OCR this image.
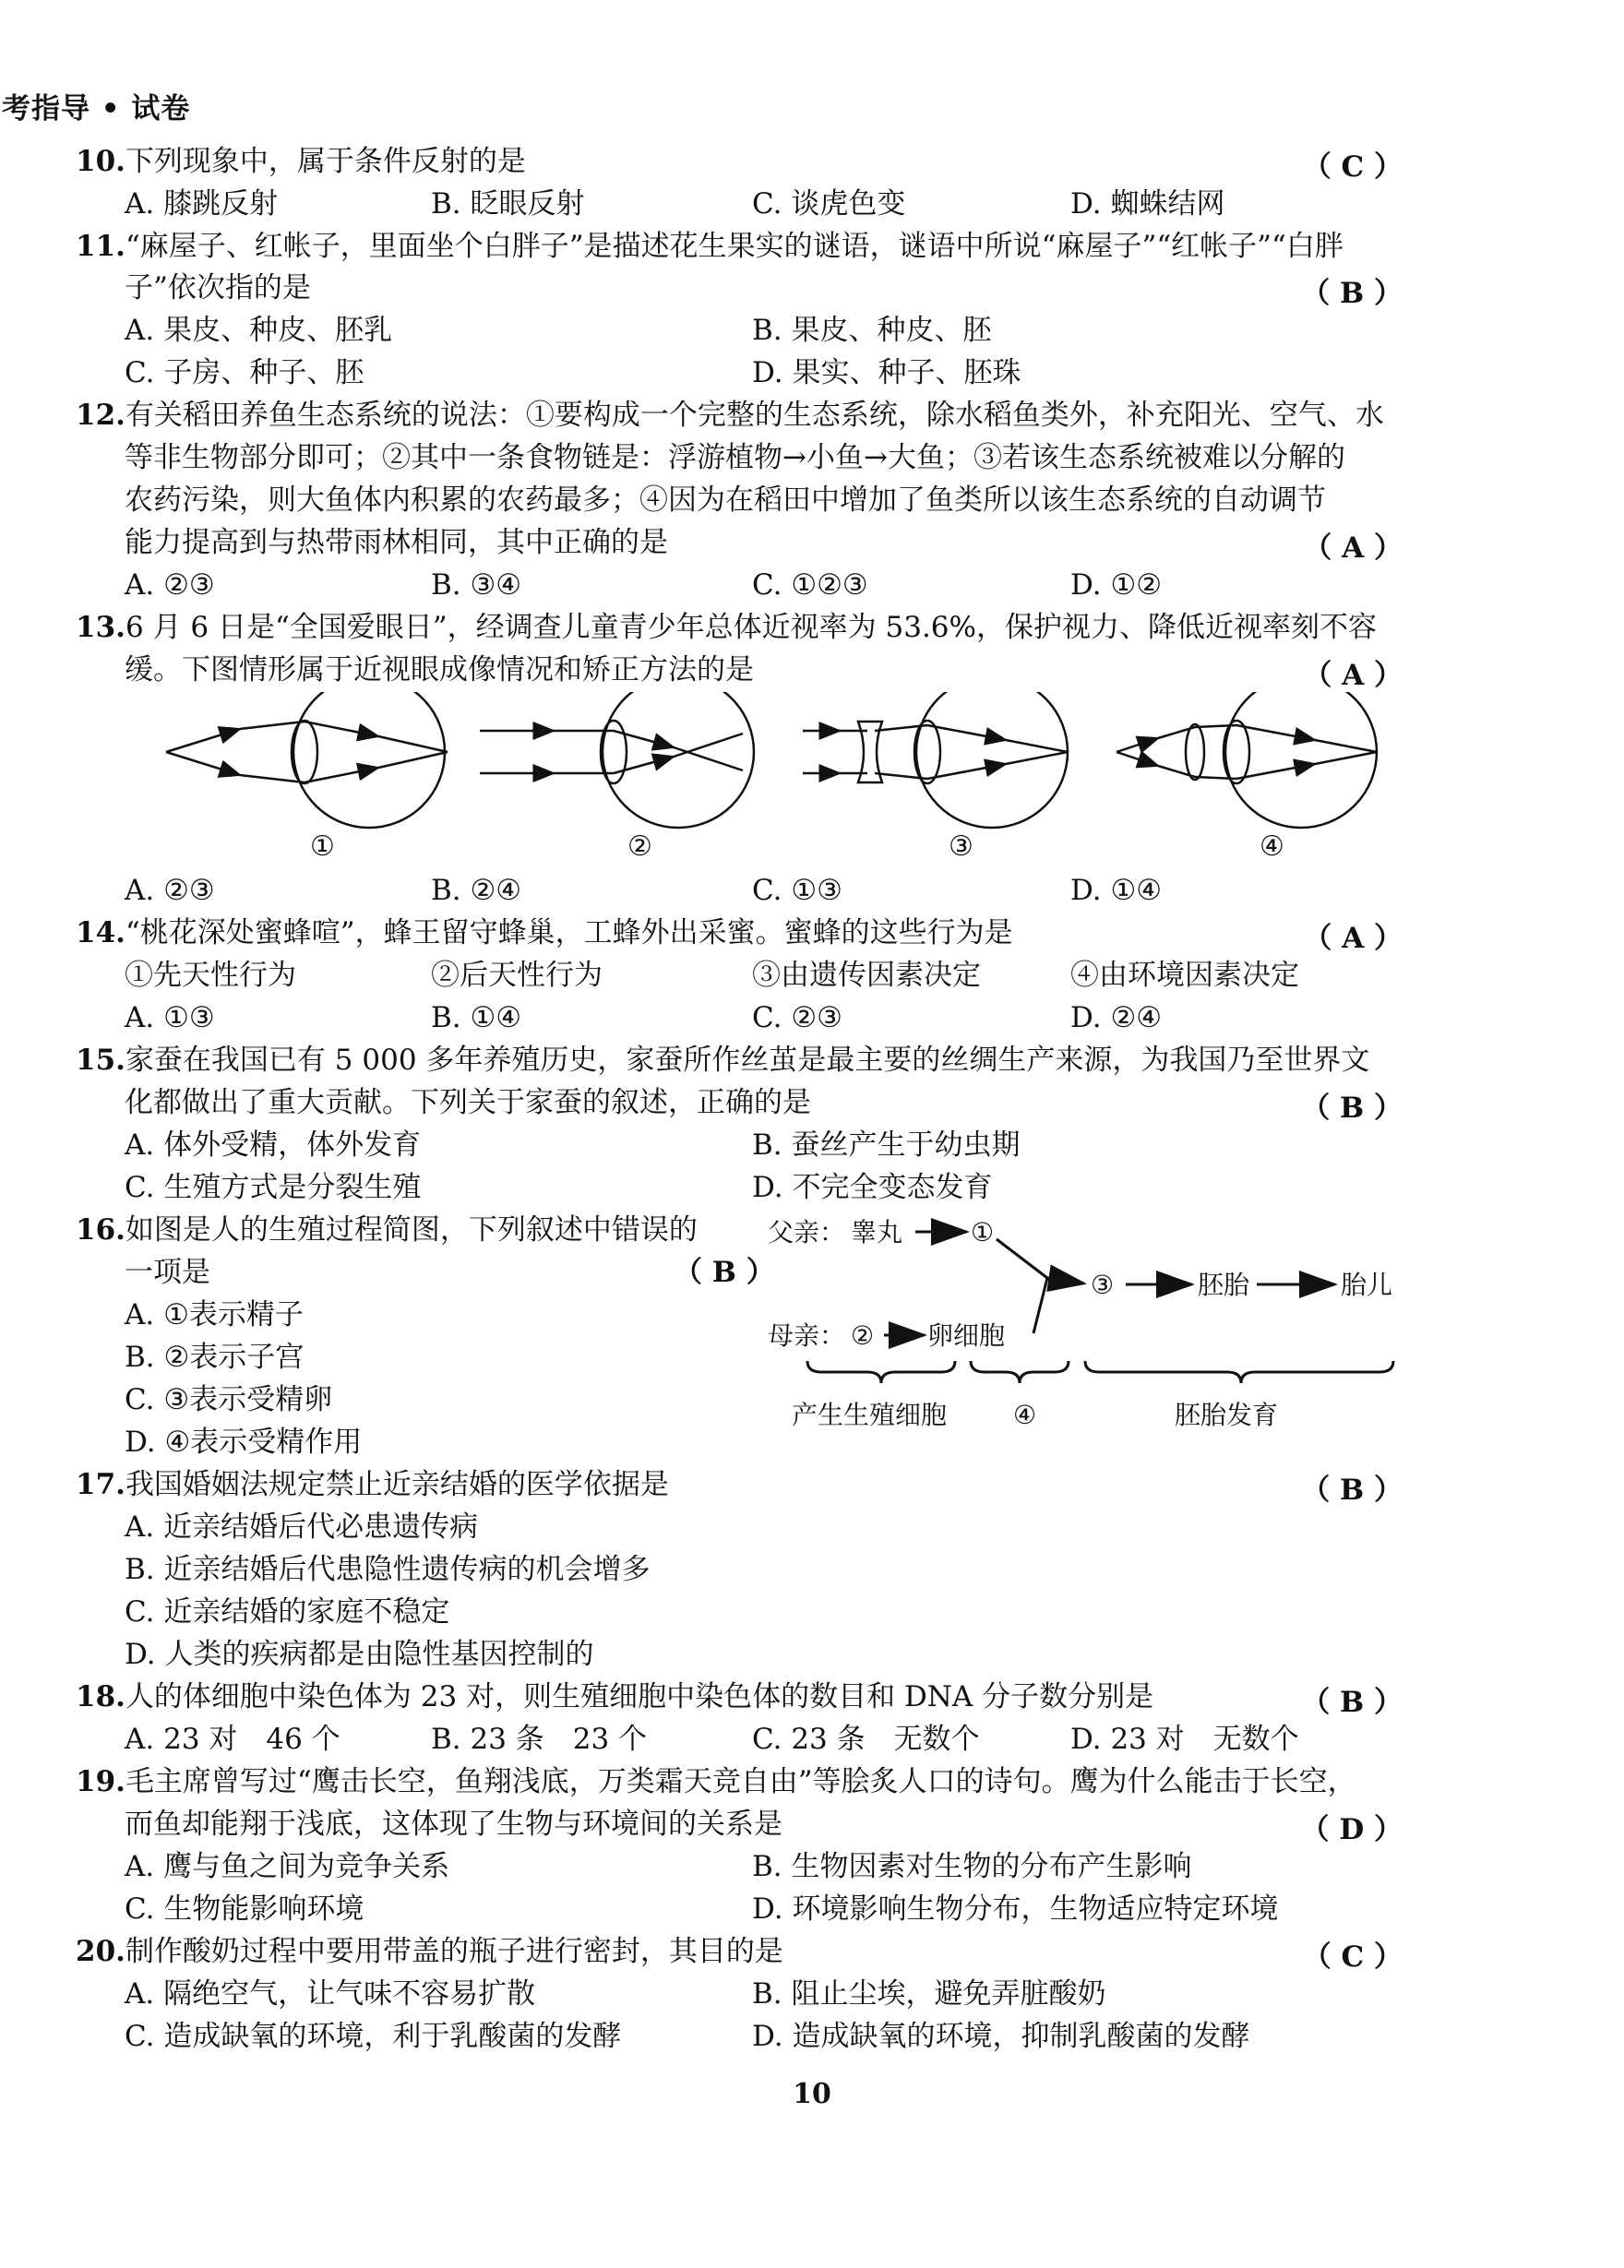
考指导 • 试卷
10.下列现象中，属于条件反射的是	（ C ）
A. 膝跳反射	B. 眨眼反射	C. 谈虎色变	D. 蜘蛛结网
11.“麻屋子、红帐子，里面坐个白胖子”是描述花生果实的谜语，谜语中所说“麻屋子”“红帐子”“白胖
子”依次指的是	（ B ）
A. 果皮、种皮、胚乳	B. 果皮、种皮、胚
C. 子房、种子、胚	D. 果实、种子、胚珠
12.有关稻田养鱼生态系统的说法：①要构成一个完整的生态系统，除水稻鱼类外，补充阳光、空气、水
等非生物部分即可；②其中一条食物链是：浮游植物→小鱼→大鱼；③若该生态系统被难以分解的
农药污染，则大鱼体内积累的农药最多；④因为在稻田中增加了鱼类所以该生态系统的自动调节
能力提高到与热带雨林相同，其中正确的是	（ A ）
A. ②③	B. ③④	C. ①②③	D. ①②
13.6 月 6 日是“全国爱眼日”，经调查儿童青少年总体近视率为 53.6%，保护视力、降低近视率刻不容
缓。下图情形属于近视眼成像情况和矫正方法的是	（ A ）
①	②	③	④
A. ②③	B. ②④	C. ①③	D. ①④
14.“桃花深处蜜蜂喧”，蜂王留守蜂巢，工蜂外出采蜜。蜜蜂的这些行为是	（ A ）
①先天性行为	②后天性行为	③由遗传因素决定	④由环境因素决定
A. ①③	B. ①④	C. ②③	D. ②④
15.家蚕在我国已有 5 000 多年养殖历史，家蚕所作丝茧是最主要的丝绸生产来源，为我国乃至世界文
化都做出了重大贡献。下列关于家蚕的叙述，正确的是	（ B ）
A. 体外受精，体外发育	B. 蚕丝产生于幼虫期
C. 生殖方式是分裂生殖	D. 不完全变态发育
16.如图是人的生殖过程简图，下列叙述中错误的
一项是	（ B ）
A. ①表示精子
B. ②表示子宫
C. ③表示受精卵
D. ④表示受精作用
父亲： 睾丸	①
母亲： ② 卵细胞
③	胚胎	胎儿
产生生殖细胞	④	胚胎发育
17.我国婚姻法规定禁止近亲结婚的医学依据是	（ B ）
A. 近亲结婚后代必患遗传病
B. 近亲结婚后代患隐性遗传病的机会增多
C. 近亲结婚的家庭不稳定
D. 人类的疾病都是由隐性基因控制的
18.人的体细胞中染色体为 23 对，则生殖细胞中染色体的数目和 DNA 分子数分别是	（ B ）
A. 23 对　46 个	B. 23 条　23 个	C. 23 条　无数个	D. 23 对　无数个
19.毛主席曾写过“鹰击长空，鱼翔浅底，万类霜天竞自由”等脍炙人口的诗句。鹰为什么能击于长空，
而鱼却能翔于浅底，这体现了生物与环境间的关系是	（ D ）
A. 鹰与鱼之间为竞争关系	B. 生物因素对生物的分布产生影响
C. 生物能影响环境	D. 环境影响生物分布，生物适应特定环境
20.制作酸奶过程中要用带盖的瓶子进行密封，其目的是	（ C ）
A. 隔绝空气，让气味不容易扩散	B. 阻止尘埃，避免弄脏酸奶
C. 造成缺氧的环境，利于乳酸菌的发酵	D. 造成缺氧的环境，抑制乳酸菌的发酵
10
